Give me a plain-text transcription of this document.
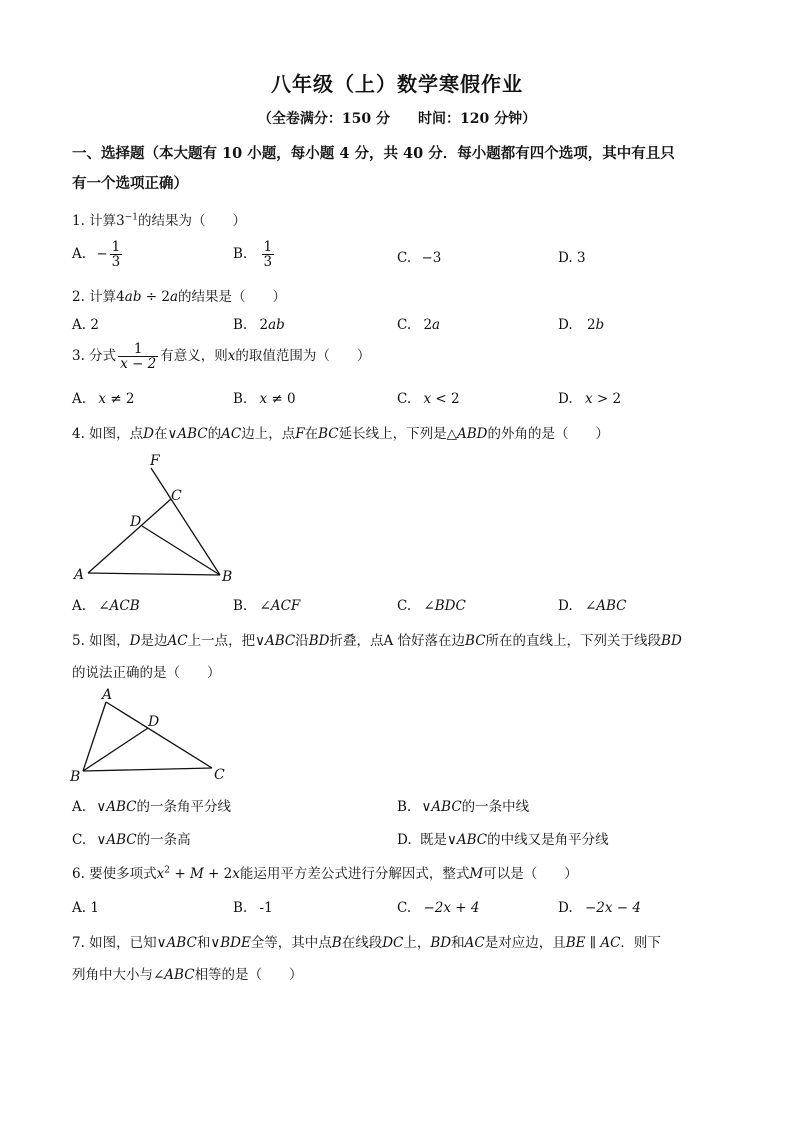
八年级（上）数学寒假作业
（全卷满分：150 分　　时间：120 分钟）
一、选择题（本大题有 10 小题，每小题 4 分，共 40 分．每小题都有四个选项，其中有且只
有一个选项正确）
1. 计算$3^{-1}$的结果为（　　）
A. − $\frac{1}{3}$	B. $\frac{1}{3}$	C. −3	D. 3
2. 计算4ab ÷ 2a的结果是（　　）
A. 2	B. 2ab	C. 2a	D. 2b
3. 分式 $\frac{1}{x - 2}$ 有意义，则x的取值范围为（　　）
A. x ≠ 2	B. x ≠ 0	C. x < 2	D. x > 2
4. 如图，点D在∨ABC的AC边上，点F在BC延长线上，下列是△ABD的外角的是（　　）
F
C
D
A	B
A. ∠ACB	B. ∠ACF	C. ∠BDC	D. ∠ABC
5. 如图，D是边AC上一点，把∨ABC沿BD折叠，点A 恰好落在边BC所在的直线上，下列关于线段BD
的说法正确的是（　　）
A
D
B	C
A. ∨ABC的一条角平分线	B. ∨ABC的一条中线
C. ∨ABC的一条高	D. 既是∨ABC的中线又是角平分线
6. 要使多项式$x^2 + M + 2x$能运用平方差公式进行分解因式，整式M可以是（　　）
A. 1	B. -1	C. −2x + 4	D. −2x − 4
7. 如图，已知∨ABC和∨BDE全等，其中点B在线段DC上，BD和AC是对应边，且BE ∥ AC．则下
列角中大小与∠ABC相等的是（　　）
